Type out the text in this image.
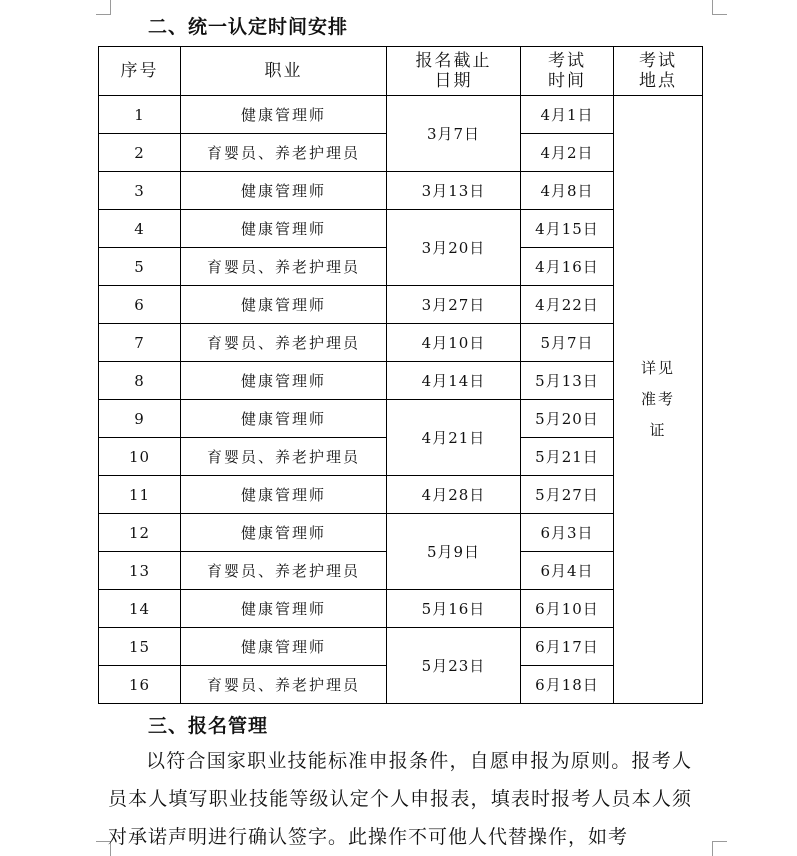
二、统一认定时间安排
序号	职业	报名截止日期	考试时间	考试地点
1	健康管理师	3月7日	4月1日	详见准考证
2	育婴员、养老护理员		4月2日	
3	健康管理师	3月13日	4月8日	
4	健康管理师	3月20日	4月15日	
5	育婴员、养老护理员		4月16日	
6	健康管理师	3月27日	4月22日	
7	育婴员、养老护理员	4月10日	5月7日	
8	健康管理师	4月14日	5月13日	
9	健康管理师	4月21日	5月20日	
10	育婴员、养老护理员		5月21日	
11	健康管理师	4月28日	5月27日	
12	健康管理师	5月9日	6月3日	
13	育婴员、养老护理员		6月4日	
14	健康管理师	5月16日	6月10日	
15	健康管理师	5月23日	6月17日	
16	育婴员、养老护理员		6月18日	
三、报名管理
以符合国家职业技能标准申报条件，自愿申报为原则。报考人员本人填写职业技能等级认定个人申报表，填表时报考人员本人须对承诺声明进行确认签字。此操作不可他人代替操作，如考
